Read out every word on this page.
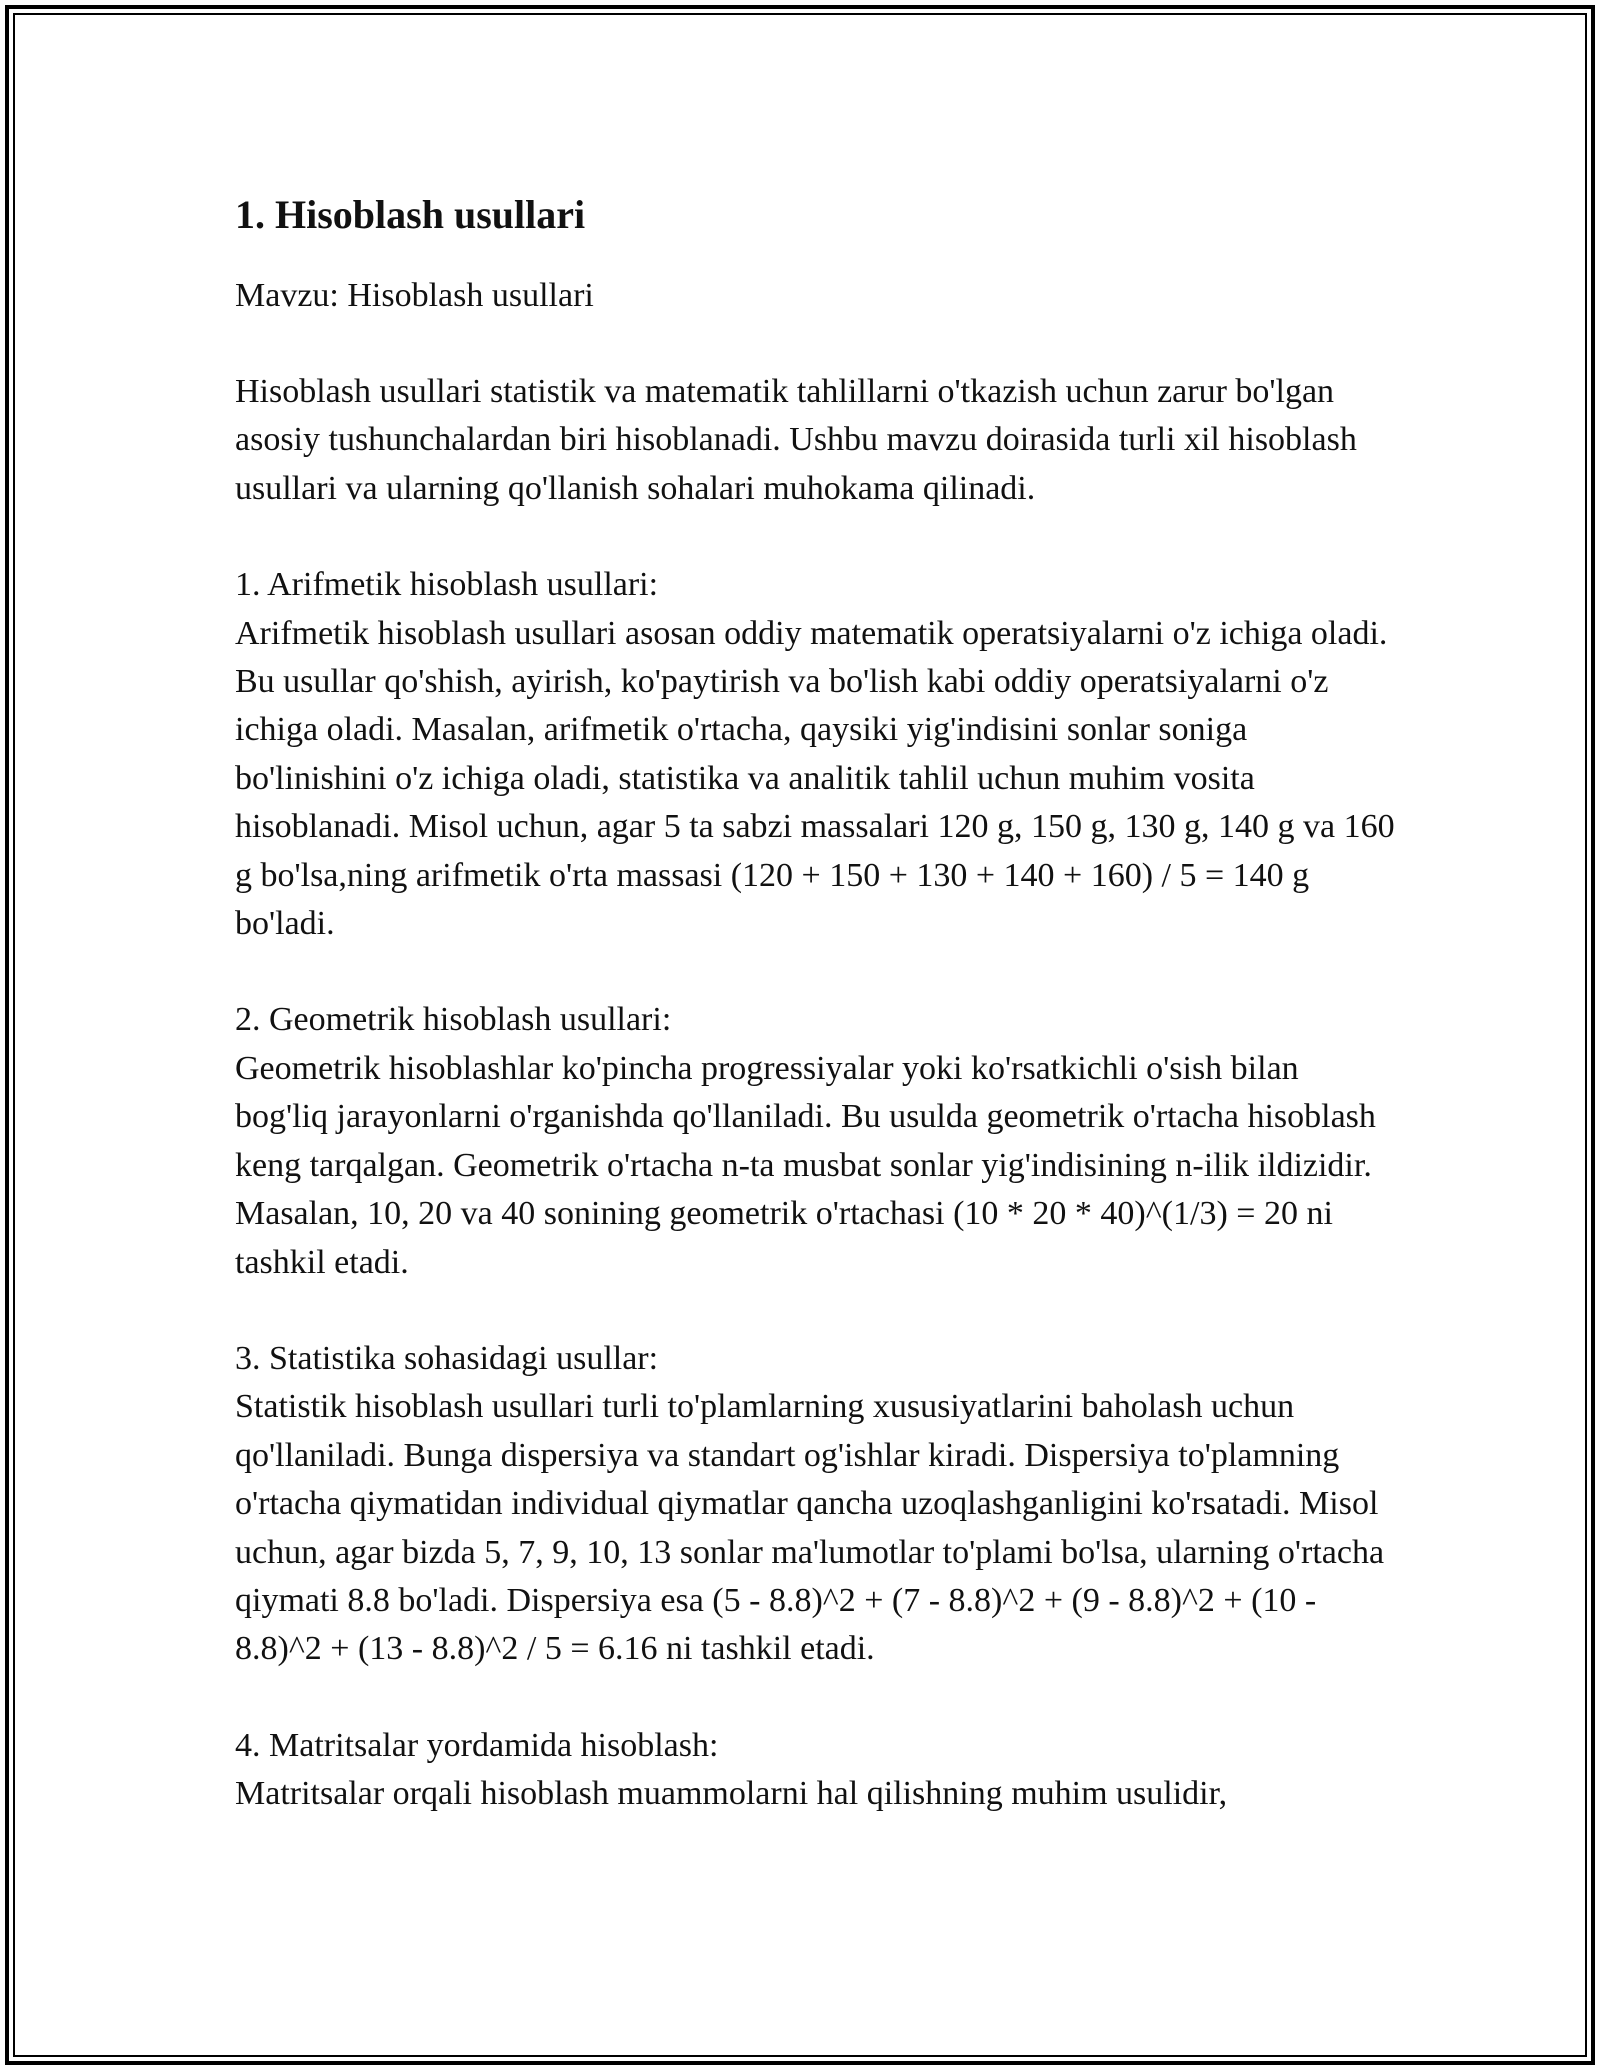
1. Hisoblash usullari

Mavzu: Hisoblash usullari

Hisoblash usullari statistik va matematik tahlillarni o'tkazish uchun zarur bo'lgan asosiy tushunchalardan biri hisoblanadi. Ushbu mavzu doirasida turli xil hisoblash usullari va ularning qo'llanish sohalari muhokama qilinadi.

1. Arifmetik hisoblash usullari:

Arifmetik hisoblash usullari asosan oddiy matematik operatsiyalarni o'z ichiga oladi. Bu usullar qo'shish, ayirish, ko'paytirish va bo'lish kabi oddiy operatsiyalarni o'z ichiga oladi. Masalan, arifmetik o'rtacha, qaysiki yig'indisini sonlar soniga bo'linishini o'z ichiga oladi, statistika va analitik tahlil uchun muhim vosita hisoblanadi. Misol uchun, agar 5 ta sabzi massalari 120 g, 150 g, 130 g, 140 g va 160 g bo'lsa,ning arifmetik o'rta massasi (120 + 150 + 130 + 140 + 160) / 5 = 140 g bo'ladi.

2. Geometrik hisoblash usullari:

Geometrik hisoblashlar ko'pincha progressiyalar yoki ko'rsatkichli o'sish bilan bog'liq jarayonlarni o'rganishda qo'llaniladi. Bu usulda geometrik o'rtacha hisoblash keng tarqalgan. Geometrik o'rtacha n-ta musbat sonlar yig'indisining n-ilik ildizidir. Masalan, 10, 20 va 40 sonining geometrik o'rtachasi (10 * 20 * 40)^(1/3) = 20 ni tashkil etadi.

3. Statistika sohasidagi usullar:

Statistik hisoblash usullari turli to'plamlarning xususiyatlarini baholash uchun qo'llaniladi. Bunga dispersiya va standart og'ishlar kiradi. Dispersiya to'plamning o'rtacha qiymatidan individual qiymatlar qancha uzoqlashganligini ko'rsatadi. Misol uchun, agar bizda 5, 7, 9, 10, 13 sonlar ma'lumotlar to'plami bo'lsa, ularning o'rtacha qiymati 8.8 bo'ladi. Dispersiya esa (5 - 8.8)^2 + (7 - 8.8)^2 + (9 - 8.8)^2 + (10 - 8.8)^2 + (13 - 8.8)^2 / 5 = 6.16 ni tashkil etadi.

4. Matritsalar yordamida hisoblash:

Matritsalar orqali hisoblash muammolarni hal qilishning muhim usulidir,
